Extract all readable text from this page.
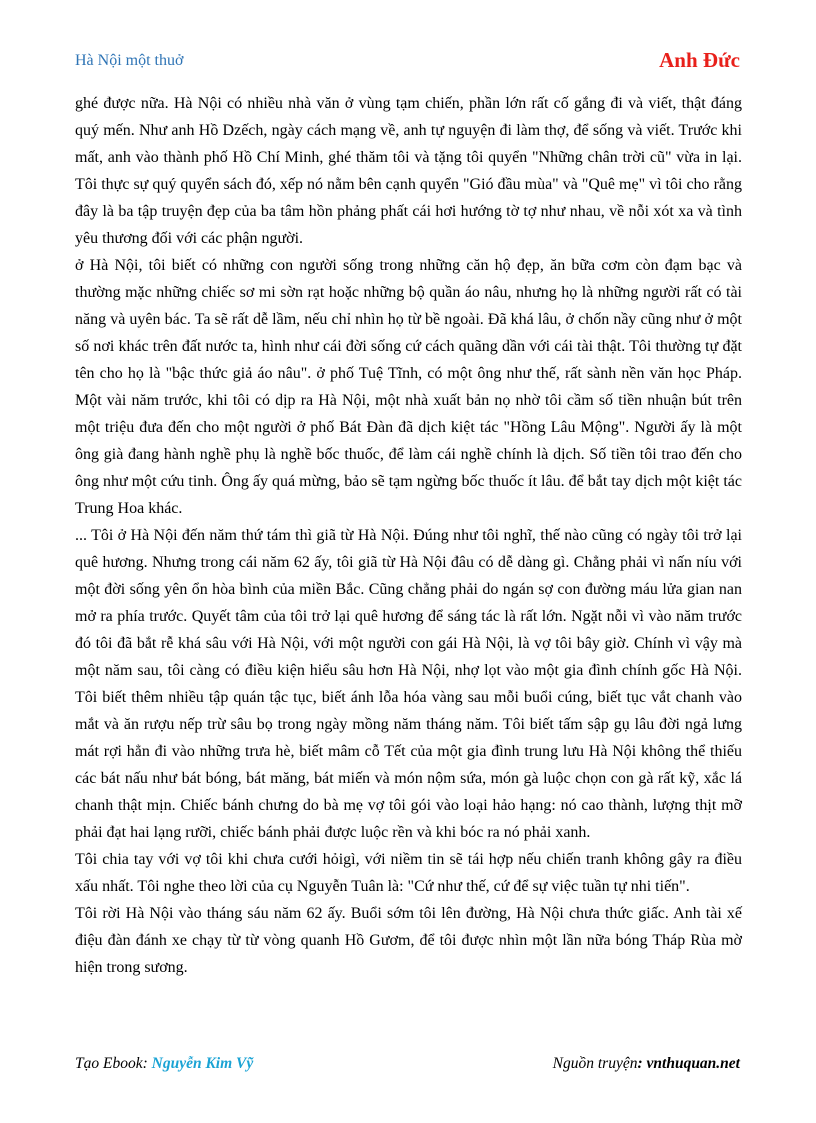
Hà Nội một thuở	Anh Đức

ghé được nữa. Hà Nội có nhiều nhà văn ở vùng tạm chiến, phần lớn rất cố gắng đi và viết, thật đáng quý mến. Như anh Hồ Dzếch, ngày cách mạng về, anh tự nguyện đi làm thợ, để sống và viết. Trước khi mất, anh vào thành phố Hồ Chí Minh, ghé thăm tôi và tặng tôi quyển "Những chân trời cũ" vừa in lại. Tôi thực sự quý quyển sách đó, xếp nó nằm bên cạnh quyển "Gió đầu mùa" và "Quê mẹ" vì tôi cho rằng đây là ba tập truyện đẹp của ba tâm hồn phảng phất cái hơi hướng tờ tợ như nhau, về nỗi xót xa và tình yêu thương đối với các phận người.

ở Hà Nội, tôi biết có những con người sống trong những căn hộ đẹp, ăn bữa cơm còn đạm bạc và thường mặc những chiếc sơ mi sờn rạt hoặc những bộ quần áo nâu, nhưng họ là những người rất có tài năng và uyên bác. Ta sẽ rất dễ lầm, nếu chỉ nhìn họ từ bề ngoài. Đã khá lâu, ở chốn nầy cũng như ở một số nơi khác trên đất nước ta, hình như cái đời sống cứ cách quãng dần với cái tài thật. Tôi thường tự đặt tên cho họ là "bậc thức giả áo nâu". ở phố Tuệ Tĩnh, có một ông như thế, rất sành nền văn học Pháp. Một vài năm trước, khi tôi có dịp ra Hà Nội, một nhà xuất bản nọ nhờ tôi cầm số tiền nhuận bút trên một triệu đưa đến cho một người ở phố Bát Đàn đã dịch kiệt tác "Hồng Lâu Mộng". Người ấy là một ông già đang hành nghề phụ là nghề bốc thuốc, để làm cái nghề chính là dịch. Số tiền tôi trao đến cho ông như một cứu tinh. Ông ấy quá mừng, bảo sẽ tạm ngừng bốc thuốc ít lâu. để bắt tay dịch một kiệt tác Trung Hoa khác.

... Tôi ở Hà Nội đến năm thứ tám thì giã từ Hà Nội. Đúng như tôi nghĩ, thế nào cũng có ngày tôi trở lại quê hương. Nhưng trong cái năm 62 ấy, tôi giã từ Hà Nội đâu có dễ dàng gì. Chẳng phải vì nấn níu với một đời sống yên ổn hòa bình của miền Bắc. Cũng chẳng phải do ngán sợ con đường máu lửa gian nan mở ra phía trước. Quyết tâm của tôi trở lại quê hương để sáng tác là rất lớn. Ngặt nỗi vì vào năm trước đó tôi đã bắt rễ khá sâu với Hà Nội, với một người con gái Hà Nội, là vợ tôi bây giờ. Chính vì vậy mà một năm sau, tôi càng có điều kiện hiểu sâu hơn Hà Nội, nhợ lọt vào một gia đình chính gốc Hà Nội. Tôi biết thêm nhiều tập quán tậc tục, biết ánh lỗa hóa vàng sau mỗi buổi cúng, biết tục vắt chanh vào mắt và ăn rượu nếp trừ sâu bọ trong ngày mồng năm tháng năm. Tôi biết tấm sập gụ lâu đời ngả lưng mát rợi hẳn đi vào những trưa hè, biết mâm cỗ Tết của một gia đình trung lưu Hà Nội không thể thiếu các bát nấu như bát bóng, bát măng, bát miến và món nộm sứa, món gà luộc chọn con gà rất kỹ, xắc lá chanh thật mịn. Chiếc bánh chưng do bà mẹ vợ tôi gói vào loại hảo hạng: nó cao thành, lượng thịt mỡ phải đạt hai lạng rưỡi, chiếc bánh phải được luộc rền và khi bóc ra nó phải xanh.

Tôi chia tay với vợ tôi khi chưa cưới hỏigì, với niềm tin sẽ tái hợp nếu chiến tranh không gây ra điều xấu nhất. Tôi nghe theo lời của cụ Nguyễn Tuân là: "Cứ như thế, cứ để sự việc tuần tự nhi tiến".

Tôi rời Hà Nội vào tháng sáu năm 62 ấy. Buổi sớm tôi lên đường, Hà Nội chưa thức giấc. Anh tài xế điệu đàn đánh xe chạy từ từ vòng quanh Hồ Gươm, để tôi được nhìn một lần nữa bóng Tháp Rùa mờ hiện trong sương.

Tạo Ebook: Nguyễn Kim Vỹ	Nguồn truyện: vnthuquan.net
